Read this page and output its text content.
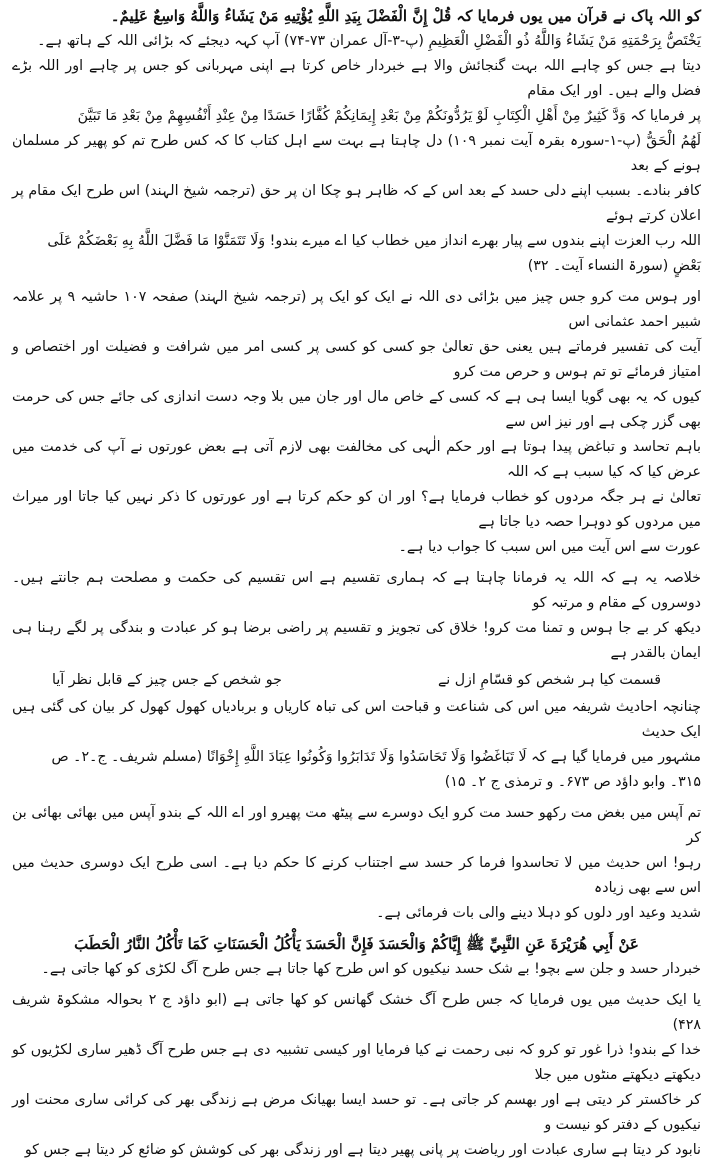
کو اللہ پاک نے قرآن میں یوں فرمایا کہ قُلْ إِنَّ الْفَضْلَ بِيَدِ اللَّهِ يُؤْتِيهِ مَنْ يَشَاءُ وَاللَّهُ وَاسِعٌ عَلِيمٌ۔
يَخْتَصُّ بِرَحْمَتِهِ مَنْ يَشَاءُ وَاللَّهُ ذُو الْفَضْلِ الْعَظِيمِ (پ-۳-آل عمران ۷۳-۷۴) آپ کہہ دیجئے کہ بڑائی اللہ کے ہاتھ ہے۔
دیتا ہے جس کو چاہے اللہ بہت گنجائش والا ہے خبردار خاص کرتا ہے اپنی مہربانی کو جس پر چاہے اور اللہ بڑے فضل والے ہیں۔ اور ایک مقام
پر فرمایا کہ وَدَّ كَثِيرٌ مِنْ أَهْلِ الْكِتَابِ لَوْ يَرُدُّونَكُمْ مِنْ بَعْدِ إِيمَانِكُمْ كُفَّارًا حَسَدًا مِنْ عِنْدِ أَنْفُسِهِمْ مِنْ بَعْدِ مَا تَبَيَّنَ
لَهُمُ الْحَقُّ (پ-۱-سورہ بقرہ آیت نمبر ۱۰۹) دل چاہتا ہے بہت سے اہل کتاب کا کہ کس طرح تم کو پھیر کر مسلمان ہونے کے بعد
کافر بنادے۔ بسبب اپنے دلی حسد کے بعد اس کے کہ ظاہر ہو چکا ان پر حق (ترجمہ شیخ الہند) اس طرح ایک مقام پر اعلان کرتے ہوئے
اللہ رب العزت اپنے بندوں سے پیار بھرے انداز میں خطاب کیا اے میرے بندو! وَلَا تَتَمَنَّوْا مَا فَضَّلَ اللَّهُ بِهِ بَعْضَكُمْ عَلَى
بَعْضٍ (سورۃ النساء آیت۔ ۳۲)
اور ہوس مت کرو جس چیز میں بڑائی دی اللہ نے ایک کو ایک پر (ترجمہ شیخ الہند) صفحہ ۱۰۷ حاشیہ ۹ پر علامہ شبیر احمد عثمانی اس
آیت کی تفسیر فرماتے ہیں یعنی حق تعالیٰ جو کسی کو کسی پر کسی امر میں شرافت و فضیلت اور اختصاص و امتیاز فرمائے تو تم ہوس و حرص مت کرو
کیوں کہ یہ بھی گویا ایسا ہی ہے کہ کسی کے خاص مال اور جان میں بلا وجہ دست اندازی کی جائے جس کی حرمت بھی گزر چکی ہے اور نیز اس سے
باہم تحاسد و تباغض پیدا ہوتا ہے اور حکم الٰہی کی مخالفت بھی لازم آتی ہے بعض عورتوں نے آپ کی خدمت میں عرض کیا کہ کیا سبب ہے کہ اللہ
تعالیٰ نے ہر جگہ مردوں کو خطاب فرمایا ہے؟ اور ان کو حکم کرتا ہے اور عورتوں کا ذکر نہیں کیا جاتا اور میراث میں مردوں کو دوہرا حصہ دیا جاتا ہے
عورت سے اس آیت میں اس سبب کا جواب دیا ہے۔
خلاصہ یہ ہے کہ اللہ یہ فرمانا چاہتا ہے کہ ہماری تقسیم ہے اس تقسیم کی حکمت و مصلحت ہم جانتے ہیں۔ دوسروں کے مقام و مرتبہ کو
دیکھ کر بے جا ہوس و تمنا مت کرو! خلاق کی تجویز و تقسیم پر راضی برضا ہو کر عبادت و بندگی پر لگے رہنا ہی ایمان بالقدر ہے
قسمت کیا ہر شخص کو قسّامِ ازل نے
جو شخص کے جس چیز کے قابل نظر آیا
چنانچہ احادیث شریفہ میں اس کی شناعت و قباحت اس کی تباہ کاریاں و بربادیاں کھول کھول کر بیان کی گئی ہیں ایک حدیث
مشہور میں فرمایا گیا ہے کہ لَا تَبَاغَضُوا وَلَا تَحَاسَدُوا وَلَا تَدَابَرُوا وَكُونُوا عِبَادَ اللَّهِ إِخْوَانًا (مسلم شریف۔ ج۔۲۔ ص
۳۱۵۔ وابو داؤد ص ۶۷۳۔ و ترمذی ج ۲۔ ۱۵)
تم آپس میں بغض مت رکھو حسد مت کرو ایک دوسرے سے پیٹھ مت پھیرو اور اے اللہ کے بندو آپس میں بھائی بھائی بن کر
رہو! اس حدیث میں لا تحاسدوا فرما کر حسد سے اجتناب کرنے کا حکم دیا ہے۔ اسی طرح ایک دوسری حدیث میں اس سے بھی زیادہ
شدید وعید اور دلوں کو دہلا دینے والی بات فرمائی ہے۔
عَنْ أَبِي هُرَيْرَةَ عَنِ النَّبِيِّ ﷺ إِيَّاكُمْ وَالْحَسَدَ فَإِنَّ الْحَسَدَ يَأْكُلُ الْحَسَنَاتِ كَمَا تَأْكُلُ النَّارُ الْحَطَبَ
خبردار حسد و جلن سے بچو! بے شک حسد نیکیوں کو اس طرح کھا جاتا ہے جس طرح آگ لکڑی کو کھا جاتی ہے۔
یا ایک حدیث میں یوں فرمایا کہ جس طرح آگ خشک گھانس کو کھا جاتی ہے (ابو داؤد ج ۲ بحوالہ مشکوۃ شریف ۴۲۸)
خدا کے بندو! ذرا غور تو کرو کہ نبی رحمت نے کیا فرمایا اور کیسی تشبیہ دی ہے جس طرح آگ ڈھیر ساری لکڑیوں کو دیکھتے دیکھتے منٹوں میں جلا
کر خاکستر کر دیتی ہے اور بھسم کر جاتی ہے۔ تو حسد ایسا بھیانک مرض ہے زندگی بھر کی کرائی ساری محنت اور نیکیوں کے دفتر کو نیست و
نابود کر دیتا ہے ساری عبادت اور ریاضت پر پانی پھیر دیتا ہے اور زندگی بھر کی کوشش کو ضائع کر دیتا ہے جس کو
